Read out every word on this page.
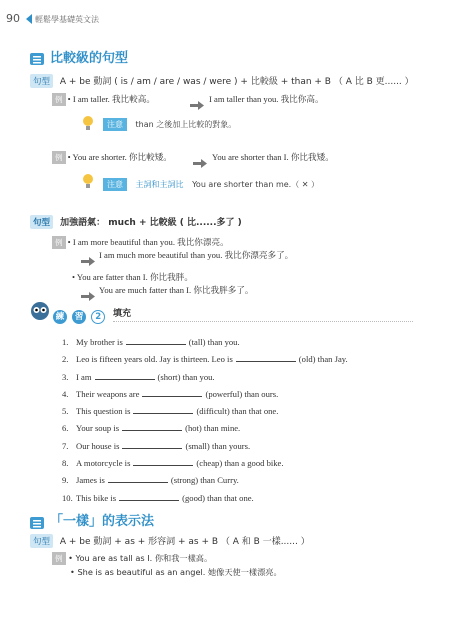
90 輕鬆學基礎英文法
比較級的句型
句型 A + be 動詞 ( is / am / are / was / were ) + 比較級 + than + B （ A 比 B 更...... ）
例 • I am taller. 我比較高。	I am taller than you. 我比你高。
注意 than 之後加上比較的對象。
例 • You are shorter. 你比較矮。	You are shorter than I. 你比我矮。
注意 主詞和主詞比 You are shorter than me.（ ✕ ）
句型 加強語氣： much + 比較級 ( 比......多了 )
例 • I am more beautiful than you. 我比你漂亮。
I am much more beautiful than you. 我比你漂亮多了。
• You are fatter than I. 你比我胖。
You are much fatter than I. 你比我胖多了。
練 習 2	填充
1. My brother is	(tall) than you.
2. Leo is fifteen years old. Jay is thirteen. Leo is	(old) than Jay.
3. I am	(short) than you.
4. Their weapons are	(powerful) than ours.
5. This question is	(difficult) than that one.
6. Your soup is	(hot) than mine.
7. Our house is	(small) than yours.
8. A motorcycle is	(cheap) than a good bike.
9. James is	(strong) than Curry.
10. This bike is	(good) than that one.
「一樣」的表示法
句型 A + be 動詞 + as + 形容詞 + as + B （ A 和 B 一樣...... ）
例 • You are as tall as I. 你和我一樣高。
• She is as beautiful as an angel. 她像天使一樣漂亮。
